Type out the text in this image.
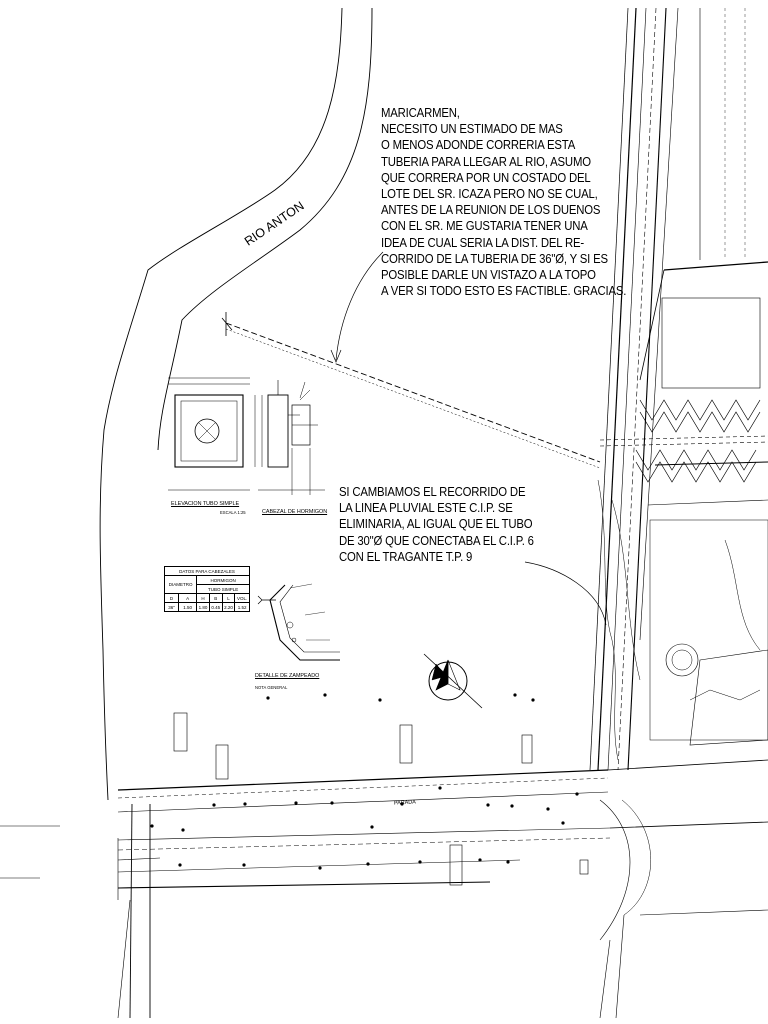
RIO ANTON
MARICARMEN,
NECESITO UN ESTIMADO DE MAS
O MENOS ADONDE CORRERIA ESTA
TUBERIA PARA LLEGAR AL RIO, ASUMO
QUE CORRERA POR UN COSTADO DEL
LOTE DEL SR. ICAZA PERO NO SE CUAL,
ANTES DE LA REUNION DE LOS DUENOS
CON EL SR. ME GUSTARIA TENER UNA
IDEA DE CUAL SERIA LA DIST. DEL RE-
CORRIDO DE LA TUBERIA DE 36"Ø, Y SI ES
POSIBLE DARLE UN VISTAZO A LA TOPO
A VER SI TODO ESTO ES FACTIBLE. GRACIAS.
SI CAMBIAMOS EL RECORRIDO DE
LA LINEA PLUVIAL ESTE C.I.P. SE
ELIMINARIA, AL IGUAL QUE EL TUBO
DE 30"Ø QUE CONECTABA EL C.I.P. 6
CON EL TRAGANTE T.P. 9
ELEVACION TUBO SIMPLE
ESCALA 1:25	CABEZAL DE HORMIGON
DETALLE DE ZAMPEADO
NOTA GENERAL
DATOS PARA CABEZALES					
DIAMETRO		HORMIGON			
		TUBO SIMPLE			
D	A	H	B	L	VOL.
36"	1.50	1.80	0.45	2.20	1.52
PARADA
